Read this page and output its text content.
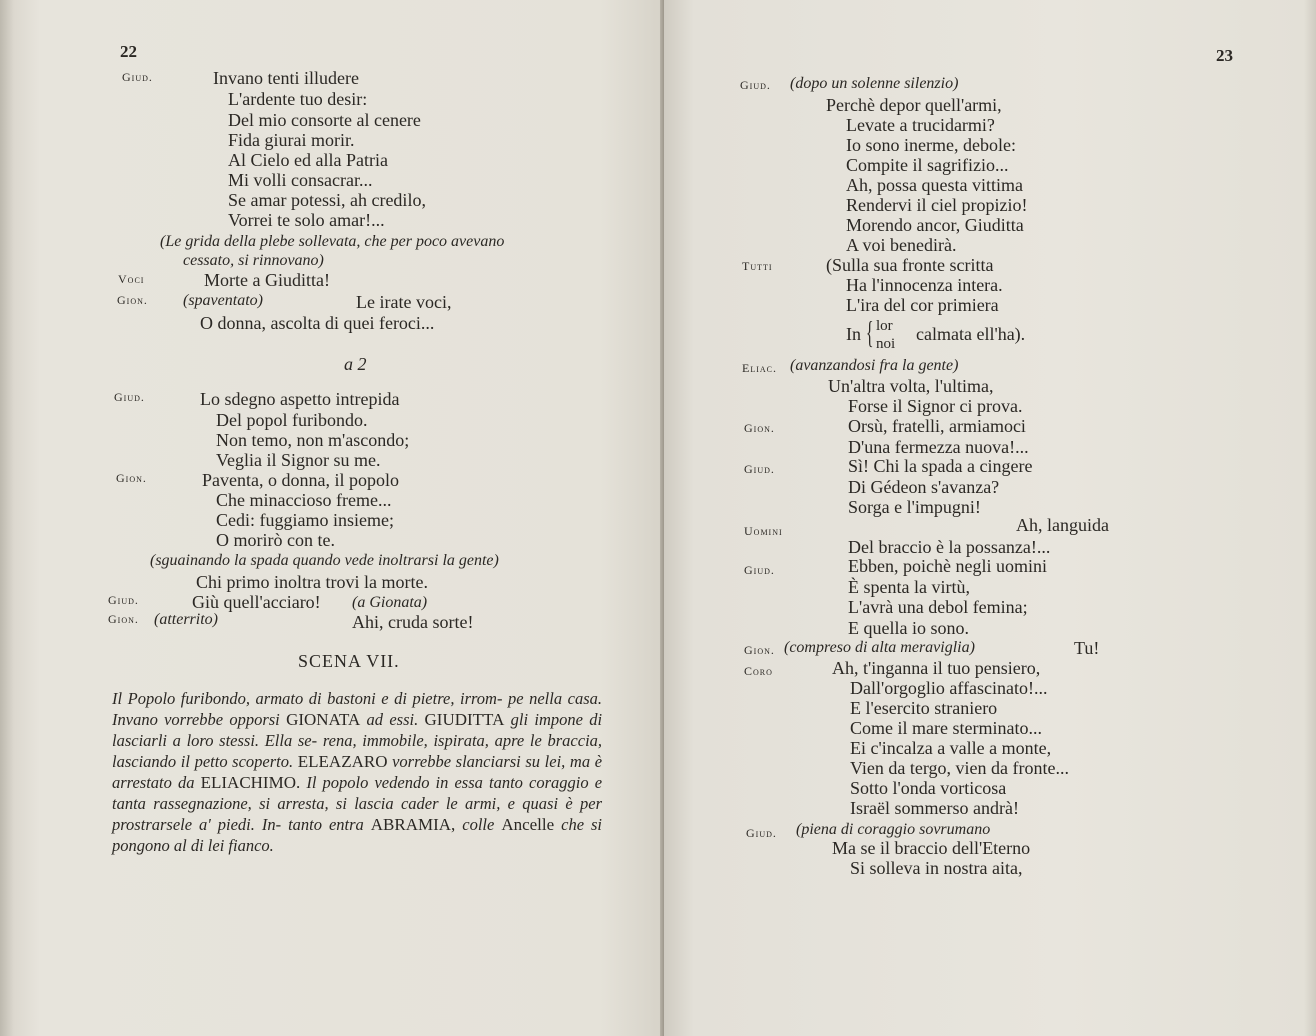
22
Giud.	Invano tenti illudere
L'ardente tuo desir:
Del mio consorte al cenere
Fida giurai morir.
Al Cielo ed alla Patria
Mi volli consacrar...
Se amar potessi, ah credilo,
Vorrei te solo amar!...
(Le grida della plebe sollevata, che per poco avevano
cessato, si rinnovano)
Voci	Morte a Giuditta!
Gion. (spaventato)	Le irate voci,
O donna, ascolta di quei feroci...
a 2
Giud.	Lo sdegno aspetto intrepida
Del popol furibondo.
Non temo, non m'ascondo;
Veglia il Signor su me.
Gion.	Paventa, o donna, il popolo
Che minaccioso freme...
Cedi: fuggiamo insieme;
O morirò con te.
(sguainando la spada quando vede inoltrarsi la gente)
Chi primo inoltra trovi la morte.
Giud.	Giù quell'acciaro! (a Gionata)
Gion. (atterrito)	Ahi, cruda sorte!
SCENA VII.
Il Popolo furibondo, armato di bastoni e di pietre, irrom- pe nella casa. Invano vorrebbe opporsi GIONATA ad essi. GIUDITTA gli impone di lasciarli a loro stessi. Ella se- rena, immobile, ispirata, apre le braccia, lasciando il petto scoperto. ELEAZARO vorrebbe slanciarsi su lei, ma è arrestato da ELIACHIMO. Il popolo vedendo in essa tanto coraggio e tanta rassegnazione, si arresta, si lascia cader le armi, e quasi è per prostrarsele a' piedi. In- tanto entra ABRAMIA, colle Ancelle che si pongono al di lei fianco.
23
Giud. (dopo un solenne silenzio)
Perchè depor quell'armi,
Levate a trucidarmi?
Io sono inerme, debole:
Compite il sagrifizio...
Ah, possa questa vittima
Rendervi il ciel propizio!
Morendo ancor, Giuditta
A voi benedirà.
Tutti	(Sulla sua fronte scritta
Ha l'innocenza intera.
L'ira del cor primiera
In { lor
noi calmata ell'ha).
Eliac. (avanzandosi fra la gente)
Un'altra volta, l'ultima,
Forse il Signor ci prova.
Gion.	Orsù, fratelli, armiamoci
D'una fermezza nuova!...
Giud.	Sì! Chi la spada a cingere
Di Gédeon s'avanza?
Sorga e l'impugni!
Uomini	Ah, languida
Del braccio è la possanza!...
Giud.	Ebben, poichè negli uomini
È spenta la virtù,
L'avrà una debol femina;
E quella io sono.
Gion. (compreso di alta meraviglia)	Tu!
Coro	Ah, t'inganna il tuo pensiero,
Dall'orgoglio affascinato!...
E l'esercito straniero
Come il mare sterminato...
Ei c'incalza a valle a monte,
Vien da tergo, vien da fronte...
Sotto l'onda vorticosa
Israël sommerso andrà!
Giud. (piena di coraggio sovrumano
Ma se il braccio dell'Eterno
Si solleva in nostra aita,
